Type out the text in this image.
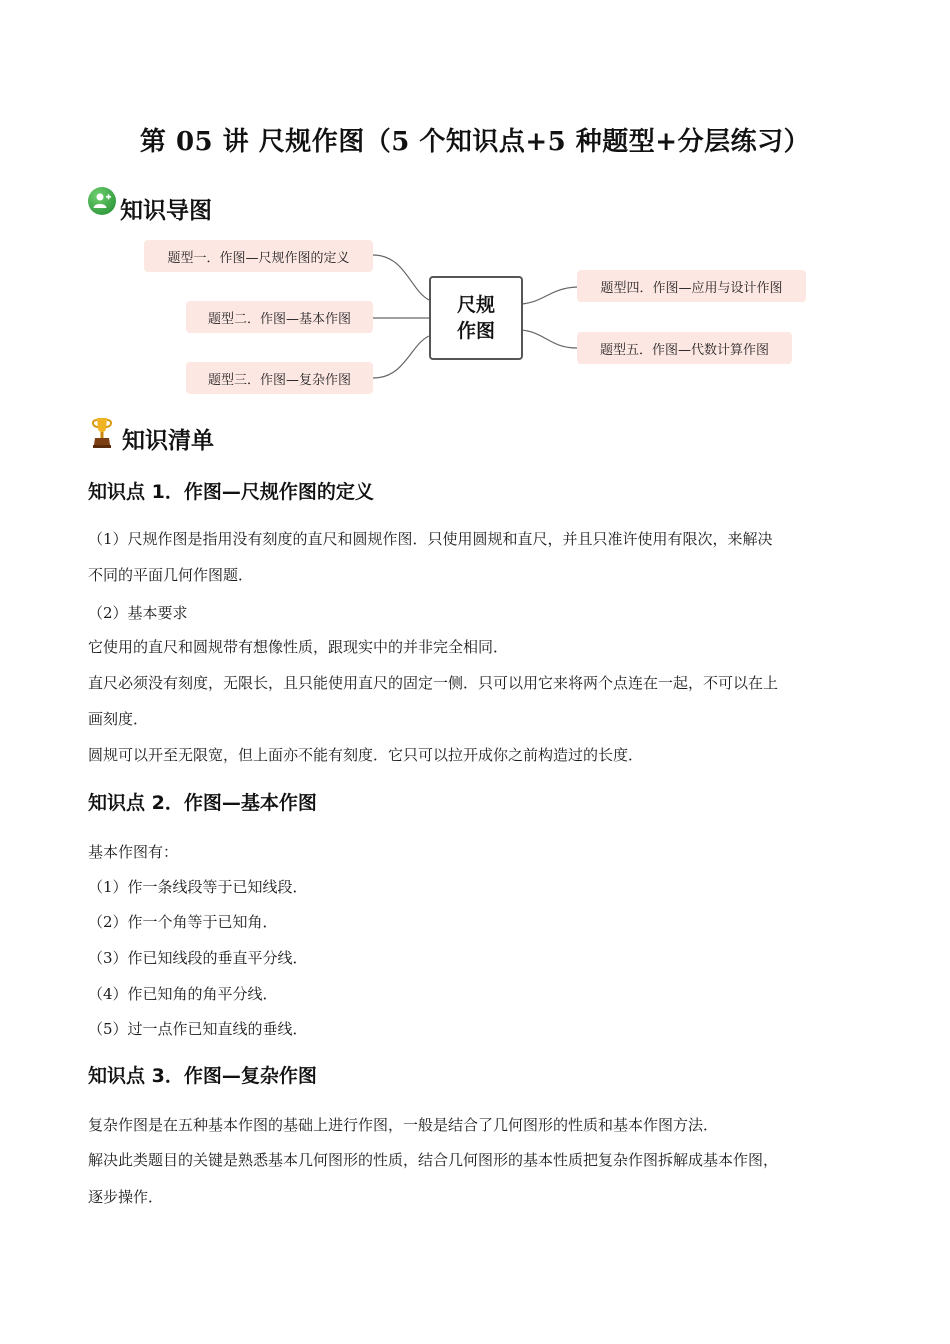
第 05 讲 尺规作图（5 个知识点+5 种题型+分层练习）
知识导图
题型一．作图—尺规作图的定义
题型二．作图—基本作图
题型三．作图—复杂作图
尺规
作图
题型四．作图—应用与设计作图
题型五．作图—代数计算作图
知识清单
知识点 1．作图—尺规作图的定义
（1）尺规作图是指用没有刻度的直尺和圆规作图．只使用圆规和直尺，并且只准许使用有限次，来解决
不同的平面几何作图题．
（2）基本要求
它使用的直尺和圆规带有想像性质，跟现实中的并非完全相同．
直尺必须没有刻度，无限长，且只能使用直尺的固定一侧．只可以用它来将两个点连在一起，不可以在上
画刻度．
圆规可以开至无限宽，但上面亦不能有刻度．它只可以拉开成你之前构造过的长度．
知识点 2．作图—基本作图
基本作图有：
（1）作一条线段等于已知线段．
（2）作一个角等于已知角．
（3）作已知线段的垂直平分线．
（4）作已知角的角平分线．
（5）过一点作已知直线的垂线．
知识点 3．作图—复杂作图
复杂作图是在五种基本作图的基础上进行作图，一般是结合了几何图形的性质和基本作图方法．
解决此类题目的关键是熟悉基本几何图形的性质，结合几何图形的基本性质把复杂作图拆解成基本作图，
逐步操作．
